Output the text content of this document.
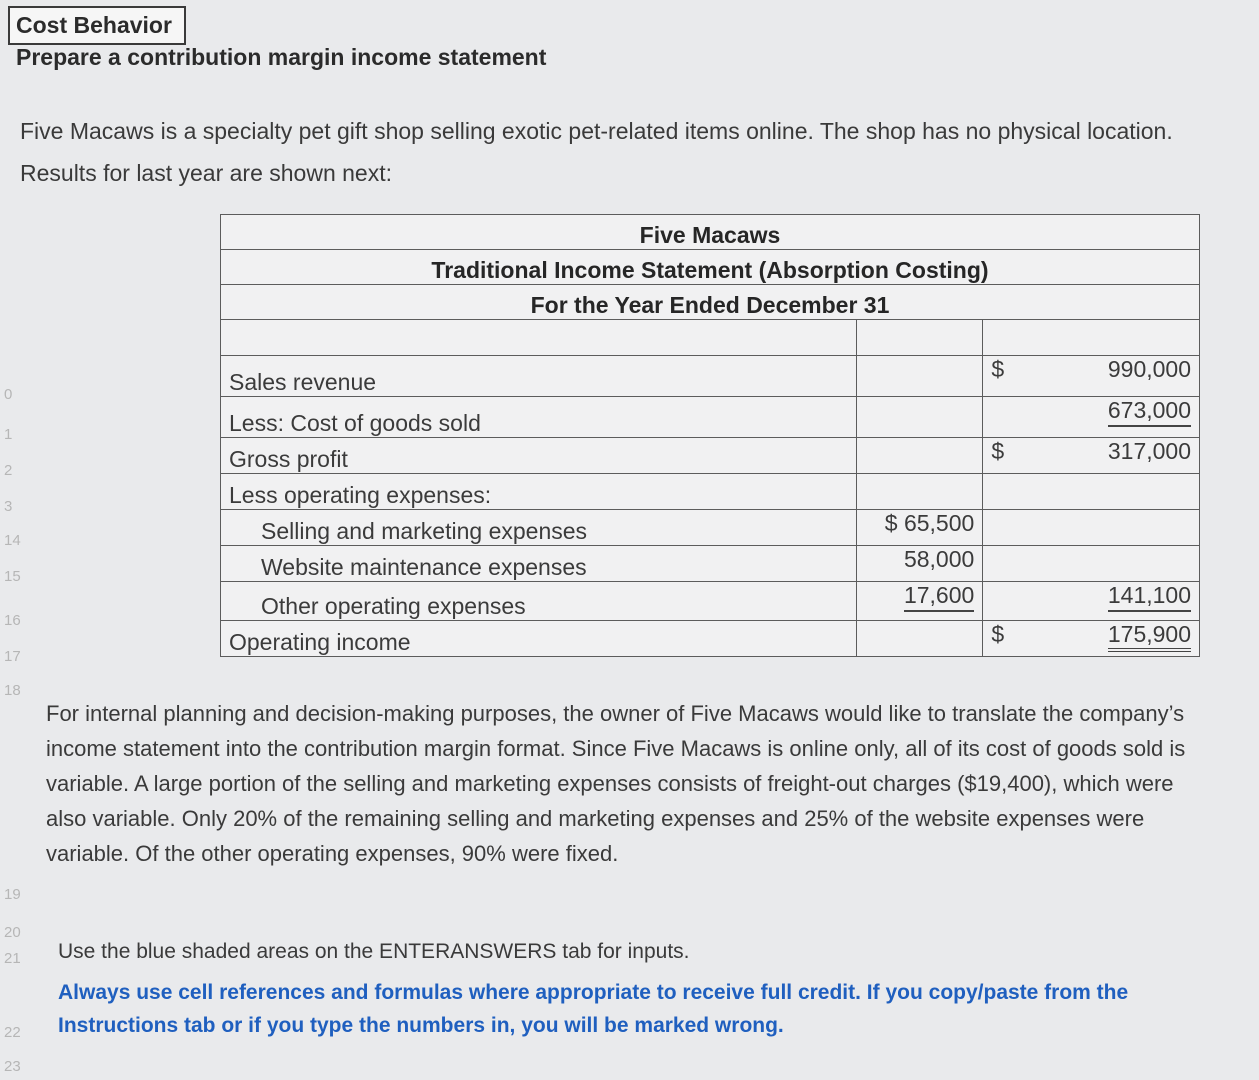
0
1
2
3
14
15
16
17
18
19
20
21
22
23
Cost Behavior
Prepare a contribution margin income statement
Five Macaws is a specialty pet gift shop selling exotic pet-related items online. The shop has no physical location. Results for last year are shown next:
Five Macaws			
Traditional Income Statement (Absorption Costing)			
For the Year Ended December 31			

Sales revenue		$	990,000
Less: Cost of goods sold			673,000
Gross profit		$	317,000
Less operating expenses:			
Selling and marketing expenses	$ 65,500		
Website maintenance expenses	58,000		
Other operating expenses	17,600		141,100
Operating income		$	175,900
For internal planning and decision-making purposes, the owner of Five Macaws would like to translate the company’s income statement into the contribution margin format. Since Five Macaws is online only, all of its cost of goods sold is variable. A large portion of the selling and marketing expenses consists of freight-out charges ($19,400), which were also variable. Only 20% of the remaining selling and marketing expenses and 25% of the website expenses were variable. Of the other operating expenses, 90% were fixed.
Use the blue shaded areas on the ENTERANSWERS tab for inputs.
Always use cell references and formulas where appropriate to receive full credit. If you copy/paste from the Instructions tab or if you type the numbers in, you will be marked wrong.
